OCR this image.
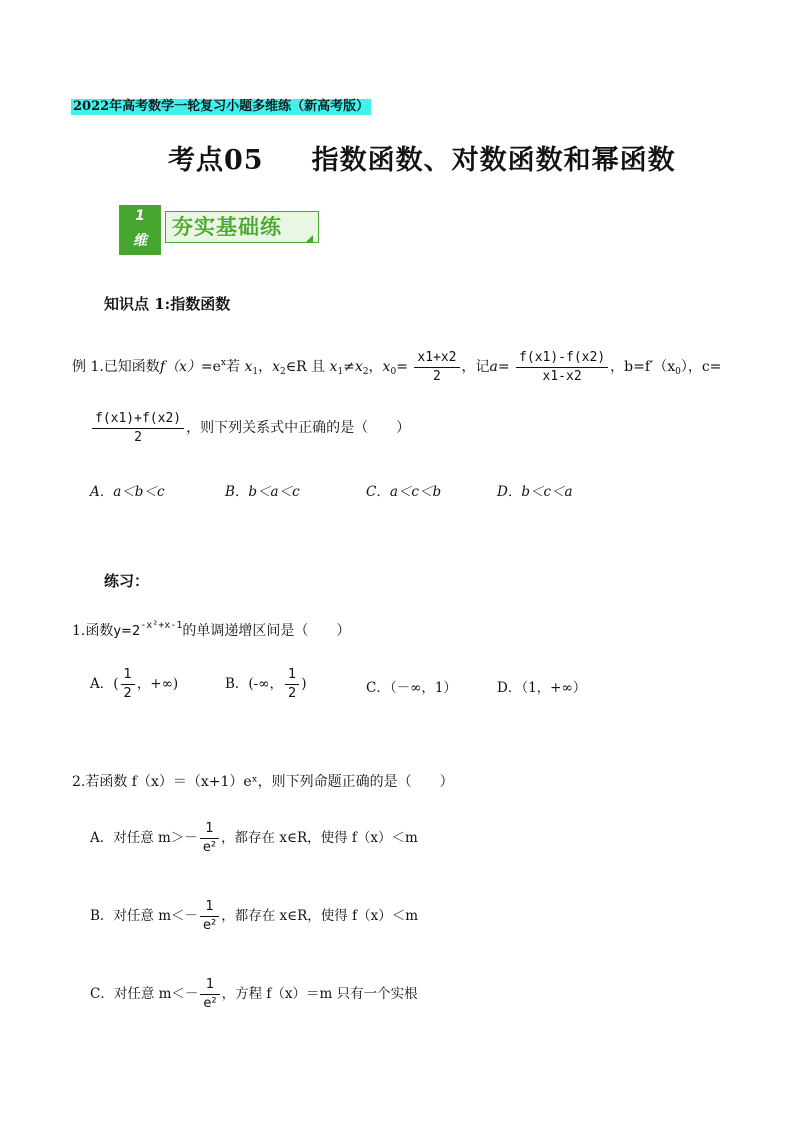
2022年高考数学一轮复习小题多维练（新高考版）
考点05 指数函数、对数函数和幂函数
1
维
夯实基础练
知识点 1:指数函数
例 1.已知函数$f(x)=e^x$若 $x_1$，$x_2\in R$ 且 $x_1\ne x_2$，$x_0= \frac{x1+x2}{2}$ ，记$a= \frac{f(x1)-f(x2)}{x1-x2}$ ，$b=f'(x_0)$，c=
$\frac{f(x1)+f(x2)}{2}$ ，则下列关系式中正确的是（　　）
A．a＜b＜c	B．b＜a＜c	C．a＜c＜b	D．b＜c＜a
练习：
1.函数$y=2^{-x^2+x-1}$的单调递增区间是（　　）
A．( $\frac{1}{2}$ ，+∞)	B．(-∞， $\frac{1}{2}$ )	C．（－∞，1）	D．（1，+∞）
2.若函数 f（x）＝（x+1）eˣ，则下列命题正确的是（　　）
A．对任意 $m>- \frac{1}{\text{e²}}$ ，都存在 x∈R，使得 f（x）＜m
B．对任意 $m<- \frac{1}{\text{e²}}$ ，都存在 x∈R，使得 f（x）＜m
C．对任意 $m<- \frac{1}{\text{e²}}$ ，方程 f（x）＝m 只有一个实根
